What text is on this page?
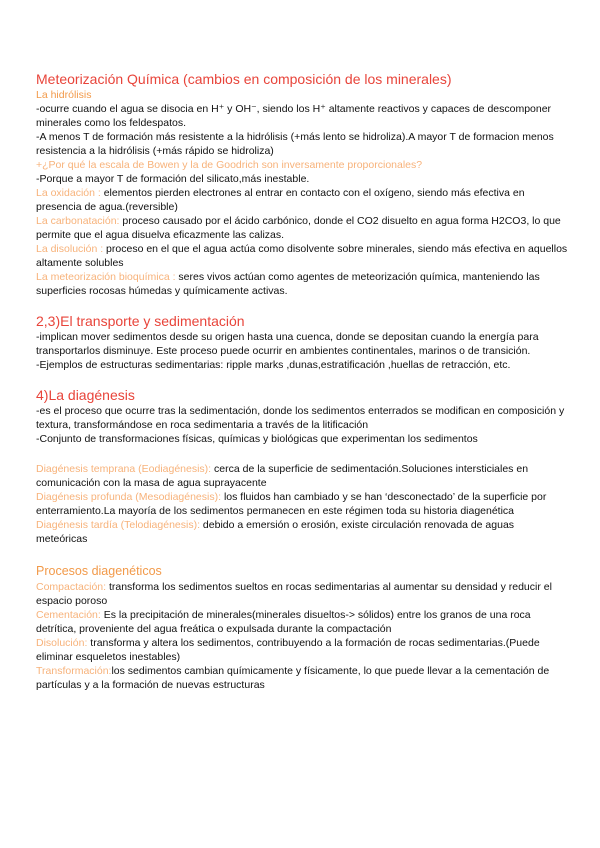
Meteorización Química (cambios en composición de los minerales)

La hidrólisis

-ocurre cuando el agua se disocia en H⁺ y OH⁻, siendo los H⁺ altamente reactivos y capaces de descomponer minerales como los feldespatos.

-A menos T de formación más resistente a la hidrólisis (+más lento se hidroliza).A mayor T de formacion menos resistencia a la hidrólisis (+más rápido se hidroliza)

+¿Por qué la escala de Bowen y la de Goodrich son inversamente proporcionales?

-Porque a mayor T de formación del silicato,más inestable.

La oxidación : elementos pierden electrones al entrar en contacto con el oxígeno, siendo más efectiva en presencia de agua.(reversible)

La carbonatación: proceso causado por el ácido carbónico, donde el CO2 disuelto en agua forma H2CO3, lo que permite que el agua disuelva eficazmente las calizas.

La disolución : proceso en el que el agua actúa como disolvente sobre minerales, siendo más efectiva en aquellos altamente solubles

La meteorización bioquímica : seres vivos actúan como agentes de meteorización química, manteniendo las superficies rocosas húmedas y químicamente activas.

2,3)El transporte y sedimentación

-implican mover sedimentos desde su origen hasta una cuenca, donde se depositan cuando la energía para transportarlos disminuye. Este proceso puede ocurrir en ambientes continentales, marinos o de transición.

-Ejemplos de estructuras sedimentarias: ripple marks ,dunas,estratificación ,huellas de retracción, etc.

4)La diagénesis

-es el proceso que ocurre tras la sedimentación, donde los sedimentos enterrados se modifican en composición y textura, transformándose en roca sedimentaria a través de la litificación

-Conjunto de transformaciones físicas, químicas y biológicas que experimentan los sedimentos

Diagénesis temprana (Eodiagénesis): cerca de la superficie de sedimentación.Soluciones intersticiales en comunicación con la masa de agua suprayacente

Diagénesis profunda (Mesodiagénesis): los fluidos han cambiado y se han ‘desconectado’ de la superficie por enterramiento.La mayoría de los sedimentos permanecen en este régimen toda su historia diagenética

Diagénesis tardía (Telodiagénesis): debido a emersión o erosión, existe circulación renovada de aguas meteóricas

Procesos diagenéticos

Compactación: transforma los sedimentos sueltos en rocas sedimentarias al aumentar su densidad y reducir el espacio poroso

Cementación: Es la precipitación de minerales(minerales disueltos-> sólidos) entre los granos de una roca detrítica, proveniente del agua freática o expulsada durante la compactación

Disolución: transforma y altera los sedimentos, contribuyendo a la formación de rocas sedimentarias.(Puede eliminar esqueletos inestables)

Transformación:los sedimentos cambian químicamente y físicamente, lo que puede llevar a la cementación de partículas y a la formación de nuevas estructuras
